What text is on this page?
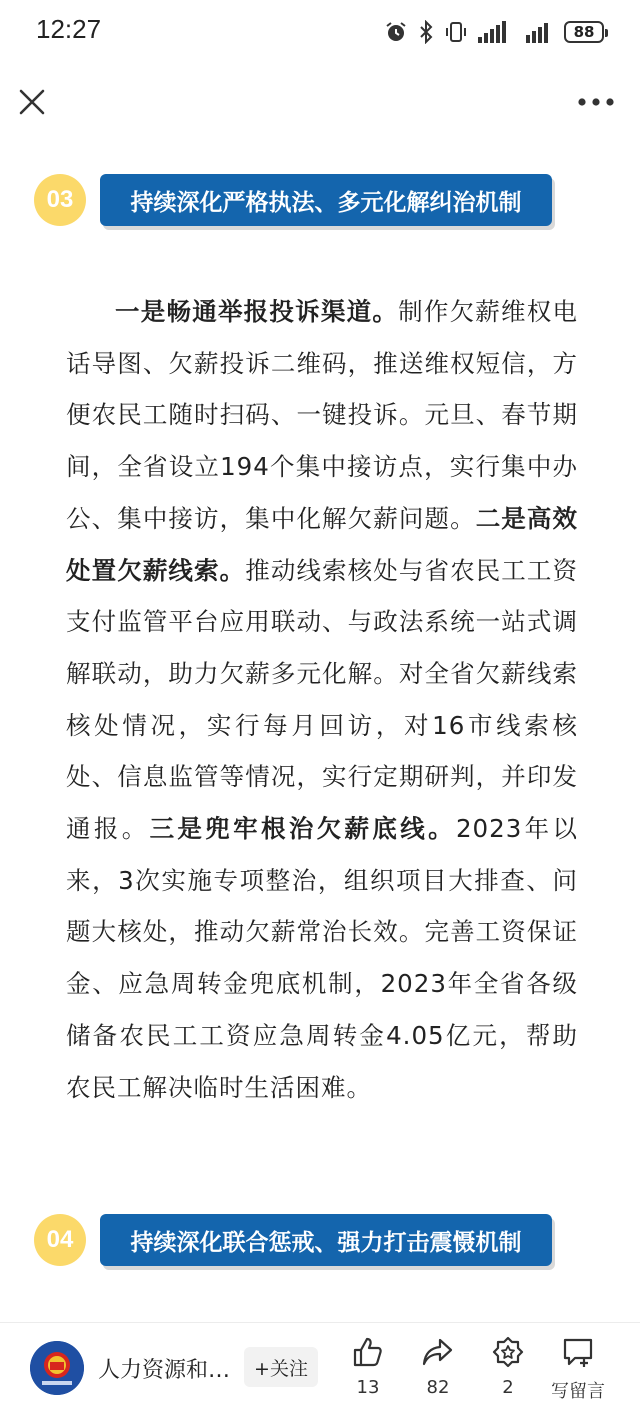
12:27	88
03	持续深化严格执法、多元化解纠治机制

一是畅通举报投诉渠道。制作欠薪维权电话导图、欠薪投诉二维码，推送维权短信，方便农民工随时扫码、一键投诉。元旦、春节期间，全省设立194个集中接访点，实行集中办公、集中接访，集中化解欠薪问题。二是高效处置欠薪线索。推动线索核处与省农民工工资支付监管平台应用联动、与政法系统一站式调解联动，助力欠薪多元化解。对全省欠薪线索核处情况，实行每月回访，对16市线索核处、信息监管等情况，实行定期研判，并印发通报。三是兜牢根治欠薪底线。2023年以来，3次实施专项整治，组织项目大排查、问题大核处，推动欠薪常治长效。完善工资保证金、应急周转金兜底机制，2023年全省各级储备农民工工资应急周转金4.05亿元，帮助农民工解决临时生活困难。

04	持续深化联合惩戒、强力打击震慑机制
人力资源和…	+关注
13	82	2	写留言
